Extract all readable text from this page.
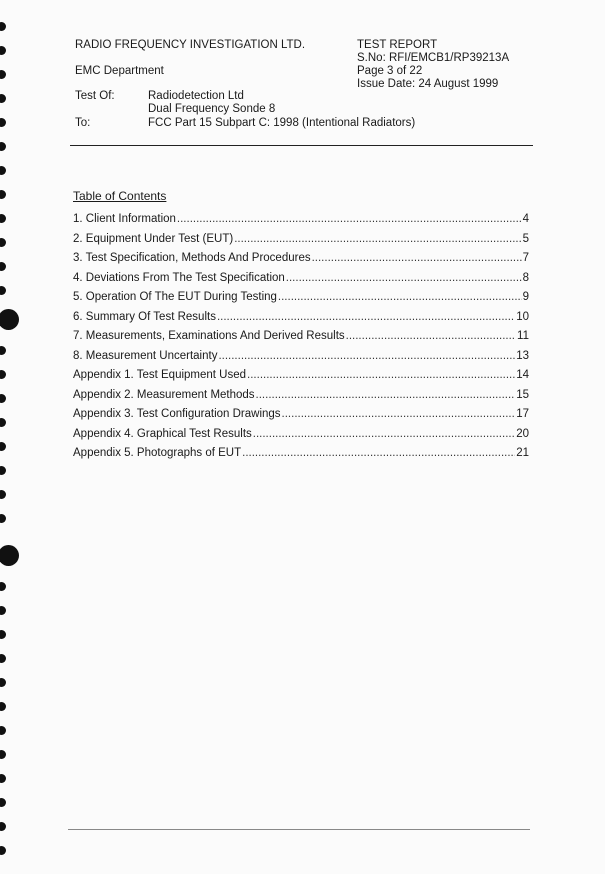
RADIO FREQUENCY INVESTIGATION LTD.
EMC Department
TEST REPORT
S.No: RFI/EMCB1/RP39213A
Page 3 of 22
Issue Date: 24 August 1999
Test Of:	Radiodetection Ltd
Dual Frequency Sonde 8
To:	FCC Part 15 Subpart C: 1998 (Intentional Radiators)
Table of Contents
1. Client Information .....	4
2. Equipment Under Test (EUT) .....	5
3. Test Specification, Methods And Procedures .....	7
4. Deviations From The Test Specification .....	8
5. Operation Of The EUT During Testing .....	9
6. Summary Of Test Results .....	10
7. Measurements, Examinations And Derived Results .....	11
8. Measurement Uncertainty .....	13
Appendix 1. Test Equipment Used .....	14
Appendix 2. Measurement Methods .....	15
Appendix 3. Test Configuration Drawings .....	17
Appendix 4. Graphical Test Results .....	20
Appendix 5. Photographs of EUT .....	21
